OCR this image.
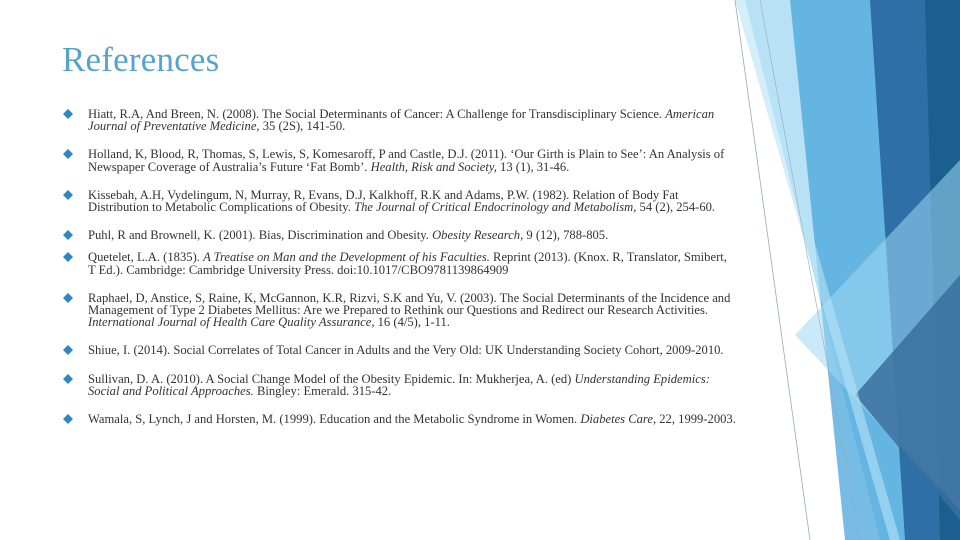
References
Hiatt, R.A, And Breen, N. (2008). The Social Determinants of Cancer: A Challenge for Transdisciplinary Science. American Journal of Preventative Medicine, 35 (2S), 141-50.
Holland, K, Blood, R, Thomas, S, Lewis, S, Komesaroff, P and Castle, D.J. (2011). ‘Our Girth is Plain to See’: An Analysis of Newspaper Coverage of Australia’s Future ‘Fat Bomb’. Health, Risk and Society, 13 (1), 31-46.
Kissebah, A.H, Vydelingum, N, Murray, R, Evans, D.J, Kalkhoff, R.K and Adams, P.W. (1982). Relation of Body Fat Distribution to Metabolic Complications of Obesity. The Journal of Critical Endocrinology and Metabolism, 54 (2), 254-60.
Puhl, R and Brownell, K. (2001). Bias, Discrimination and Obesity. Obesity Research, 9 (12), 788-805.
Quetelet, L.A. (1835). A Treatise on Man and the Development of his Faculties. Reprint (2013). (Knox. R, Translator, Smibert, T Ed.). Cambridge: Cambridge University Press. doi:10.1017/CBO9781139864909
Raphael, D, Anstice, S, Raine, K, McGannon, K.R, Rizvi, S.K and Yu, V. (2003). The Social Determinants of the Incidence and Management of Type 2 Diabetes Mellitus: Are we Prepared to Rethink our Questions and Redirect our Research Activities. International Journal of Health Care Quality Assurance, 16 (4/5), 1-11.
Shiue, I. (2014). Social Correlates of Total Cancer in Adults and the Very Old: UK Understanding Society Cohort, 2009-2010.
Sullivan, D. A. (2010). A Social Change Model of the Obesity Epidemic. In: Mukherjea, A. (ed) Understanding Epidemics: Social and Political Approaches. Bingley: Emerald. 315-42.
Wamala, S, Lynch, J and Horsten, M. (1999). Education and the Metabolic Syndrome in Women. Diabetes Care, 22, 1999-2003.
